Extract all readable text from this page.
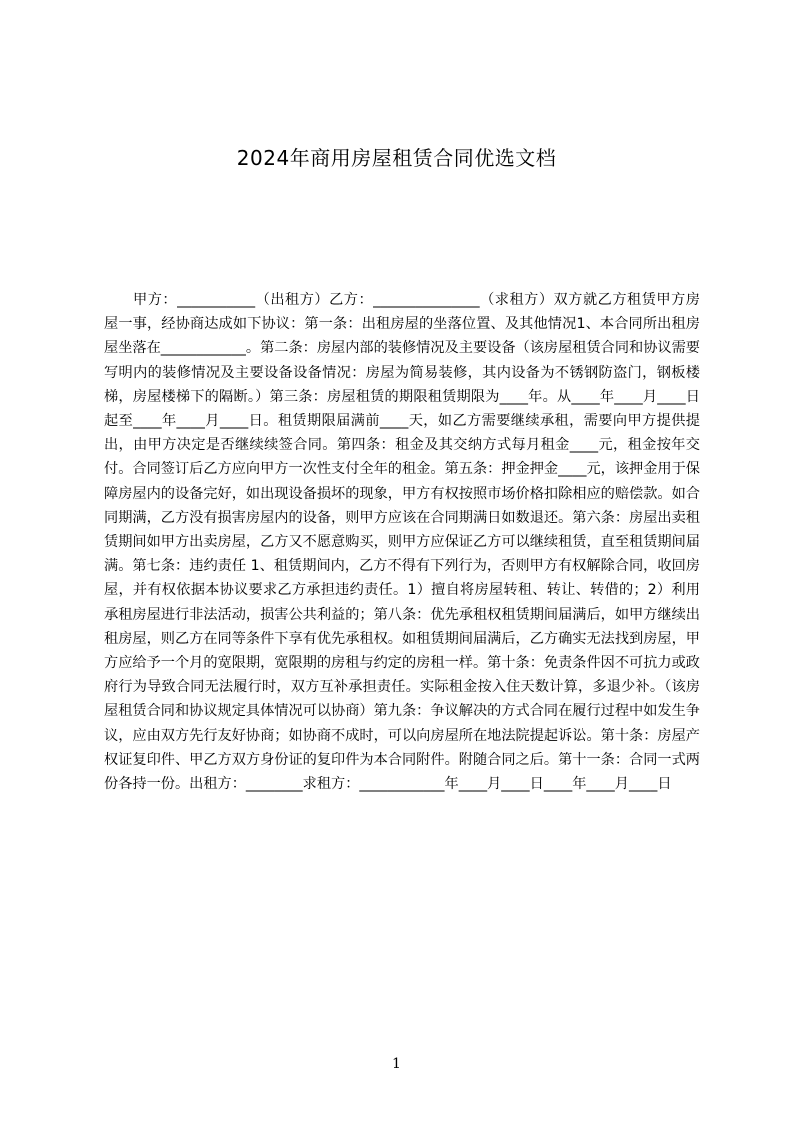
2024年商用房屋租赁合同优选文档

甲方：___________（出租方）乙方：_______________（求租方）双方就乙方租赁甲方房屋一事，经协商达成如下协议：第一条：出租房屋的坐落位置、及其他情况1、本合同所出租房屋坐落在____________。第二条：房屋内部的装修情况及主要设备（该房屋租赁合同和协议需要写明内的装修情况及主要设备设备情况：房屋为简易装修，其内设备为不锈钢防盗门，钢板楼梯，房屋楼梯下的隔断。）第三条：房屋租赁的期限租赁期限为____年。从____年____月____日起至____年____月____日。租赁期限届满前____天，如乙方需要继续承租，需要向甲方提供提出，由甲方决定是否继续续签合同。第四条：租金及其交纳方式每月租金____元，租金按年交付。合同签订后乙方应向甲方一次性支付全年的租金。第五条：押金押金____元，该押金用于保障房屋内的设备完好，如出现设备损坏的现象，甲方有权按照市场价格扣除相应的赔偿款。如合同期满，乙方没有损害房屋内的设备，则甲方应该在合同期满日如数退还。第六条：房屋出卖租赁期间如甲方出卖房屋，乙方又不愿意购买，则甲方应保证乙方可以继续租赁，直至租赁期间届满。第七条：违约责任 1、租赁期间内，乙方不得有下列行为，否则甲方有权解除合同，收回房屋，并有权依据本协议要求乙方承担违约责任。1）擅自将房屋转租、转让、转借的；2）利用承租房屋进行非法活动，损害公共利益的；第八条：优先承租权租赁期间届满后，如甲方继续出租房屋，则乙方在同等条件下享有优先承租权。如租赁期间届满后，乙方确实无法找到房屋，甲方应给予一个月的宽限期，宽限期的房租与约定的房租一样。第十条：免责条件因不可抗力或政府行为导致合同无法履行时，双方互补承担责任。实际租金按入住天数计算，多退少补。（该房屋租赁合同和协议规定具体情况可以协商）第九条：争议解决的方式合同在履行过程中如发生争议，应由双方先行友好协商；如协商不成时，可以向房屋所在地法院提起诉讼。第十条：房屋产权证复印件、甲乙方双方身份证的复印件为本合同附件。附随合同之后。第十一条：合同一式两份各持一份。出租方：________求租方：____________年____月____日____年____月____日

1
